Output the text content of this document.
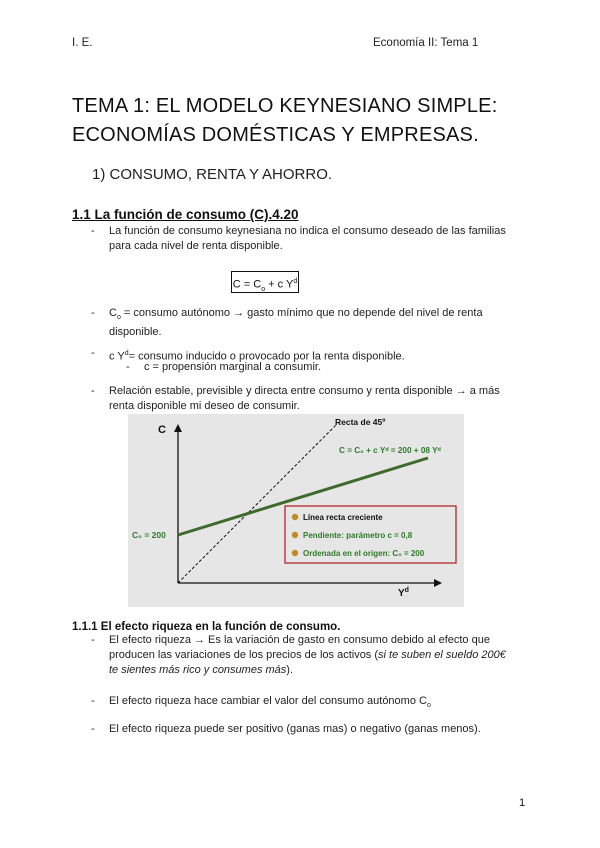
I. E.	Economía II: Tema 1
TEMA 1: EL MODELO KEYNESIANO SIMPLE:
ECONOMÍAS DOMÉSTICAS Y EMPRESAS.
1) CONSUMO, RENTA Y AHORRO.
1.1 La función de consumo (C).4.20
- La función de consumo keynesiana no indica el consumo deseado de las familias para cada nivel de renta disponible.
$C = C_o + c$ $Y^d$
- $C_o$ = consumo autónomo → gasto mínimo que no depende del nivel de renta disponible.
- c $Y^d=$ consumo inducido o provocado por la renta disponible.
- c = propensión marginal a consumir.
- Relación estable, previsible y directa entre consumo y renta disponible → a más renta disponible mi deseo de consumir.
C
$Y^d$
Recta de 45º
C = C₀ + c Yᵈ = 200 + 08 Yᵈ
C₀ = 200
Línea recta creciente
Pendiente: parámetro c = 0,8
Ordenada en el origen: C₀ = 200
1.1.1 El efecto riqueza en la función de consumo.
- El efecto riqueza → Es la variación de gasto en consumo debido al efecto que producen las variaciones de los precios de los activos (si te suben el sueldo 200€ te sientes más rico y consumes más).
- El efecto riqueza hace cambiar el valor del consumo autónomo $C_o$
- El efecto riqueza puede ser positivo (ganas mas) o negativo (ganas menos).
1
